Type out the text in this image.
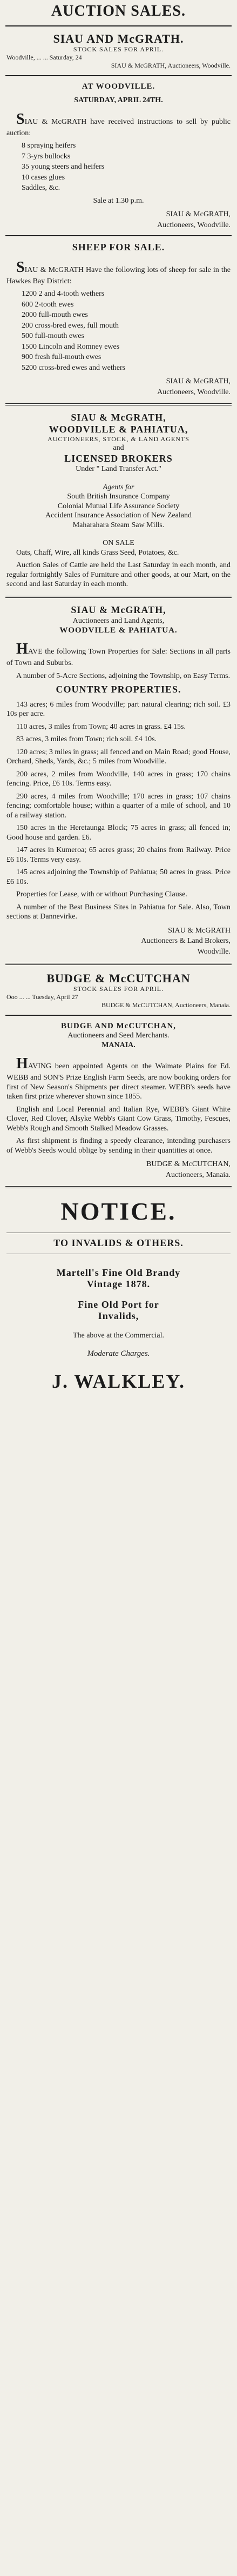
AUCTION SALES.
SIAU AND McGRATH.
STOCK SALES FOR APRIL.
Woodville, ... ... Saturday, 24
SIAU & McGRATH, Auctioneers, Woodville.
AT WOODVILLE.
SATURDAY, APRIL 24TH.

SIAU & McGRATH have received instructions to sell by public auction:

8 spraying heifers
7 3-yrs bullocks
35 young steers and heifers
10 cases glues
Saddles, &c.
Sale at 1.30 p.m.
SIAU & McGRATH,
Auctioneers, Woodville.
SHEEP FOR SALE.

SIAU & McGRATH Have the following lots of sheep for sale in the Hawkes Bay District:

1200 2 and 4-tooth wethers
600 2-tooth ewes
2000 full-mouth ewes
200 cross-bred ewes, full mouth
500 full-mouth ewes
1500 Lincoln and Romney ewes
900 fresh full-mouth ewes
5200 cross-bred ewes and wethers
SIAU & McGRATH,
Auctioneers, Woodville.
SIAU & McGRATH,
WOODVILLE & PAHIATUA,
AUCTIONEERS, STOCK, & LAND AGENTS
and
LICENSED BROKERS
Under " Land Transfer Act."
Agents for
South British Insurance Company
Colonial Mutual Life Assurance Society
Accident Insurance Association of New Zealand
Maharahara Steam Saw Mills.
ON SALE

Oats, Chaff, Wire, all kinds Grass Seed, Potatoes, &c.

Auction Sales of Cattle are held the Last Saturday in each month, and regular fortnightly Sales of Furniture and other goods, at our Mart, on the second and last Saturday in each month.

SIAU & McGRATH,
Auctioneers and Land Agents,
WOODVILLE & PAHIATUA.

HAVE the following Town Properties for Sale: Sections in all parts of Town and Suburbs.

A number of 5-Acre Sections, adjoining the Township, on Easy Terms.

COUNTRY PROPERTIES.

143 acres; 6 miles from Woodville; part natural clearing; rich soil. £3 10s per acre.

110 acres, 3 miles from Town; 40 acres in grass. £4 15s.

83 acres, 3 miles from Town; rich soil. £4 10s.

120 acres; 3 miles in grass; all fenced and on Main Road; good House, Orchard, Sheds, Yards, &c.; 5 miles from Woodville.

200 acres, 2 miles from Woodville, 140 acres in grass; 170 chains fencing. Price, £6 10s. Terms easy.

290 acres, 4 miles from Woodville; 170 acres in grass; 107 chains fencing; comfortable house; within a quarter of a mile of school, and 10 of a railway station.

150 acres in the Heretaunga Block; 75 acres in grass; all fenced in; Good house and garden. £6.

147 acres in Kumeroa; 65 acres grass; 20 chains from Railway. Price £6 10s. Terms very easy.

145 acres adjoining the Township of Pahiatua; 50 acres in grass. Price £6 10s.

Properties for Lease, with or without Purchasing Clause.

A number of the Best Business Sites in Pahiatua for Sale. Also, Town sections at Dannevirke.

SIAU & McGRATH
Auctioneers & Land Brokers,
Woodville.
BUDGE & McCUTCHAN
STOCK SALES FOR APRIL.
Ooo ... ... Tuesday, April 27
BUDGE & McCUTCHAN, Auctioneers, Manaia.
BUDGE AND McCUTCHAN,
Auctioneers and Seed Merchants.
MANAIA.

HAVING been appointed Agents on the Waimate Plains for Ed. WEBB and SON'S Prize English Farm Seeds, are now booking orders for first of New Season's Shipments per direct steamer. WEBB's seeds have taken first prize wherever shown since 1855.

English and Local Perennial and Italian Rye, WEBB's Giant White Clover, Red Clover, Alsyke Webb's Giant Cow Grass, Timothy, Fescues, Webb's Rough and Smooth Stalked Meadow Grasses.

As first shipment is finding a speedy clearance, intending purchasers of Webb's Seeds would oblige by sending in their quantities at once.

BUDGE & McCUTCHAN,
Auctioneers, Manaia.
NOTICE.
TO INVALIDS & OTHERS.
Martell's Fine Old Brandy
Vintage 1878.
Fine Old Port for
Invalids,
The above at the Commercial.
Moderate Charges.
J. WALKLEY.
